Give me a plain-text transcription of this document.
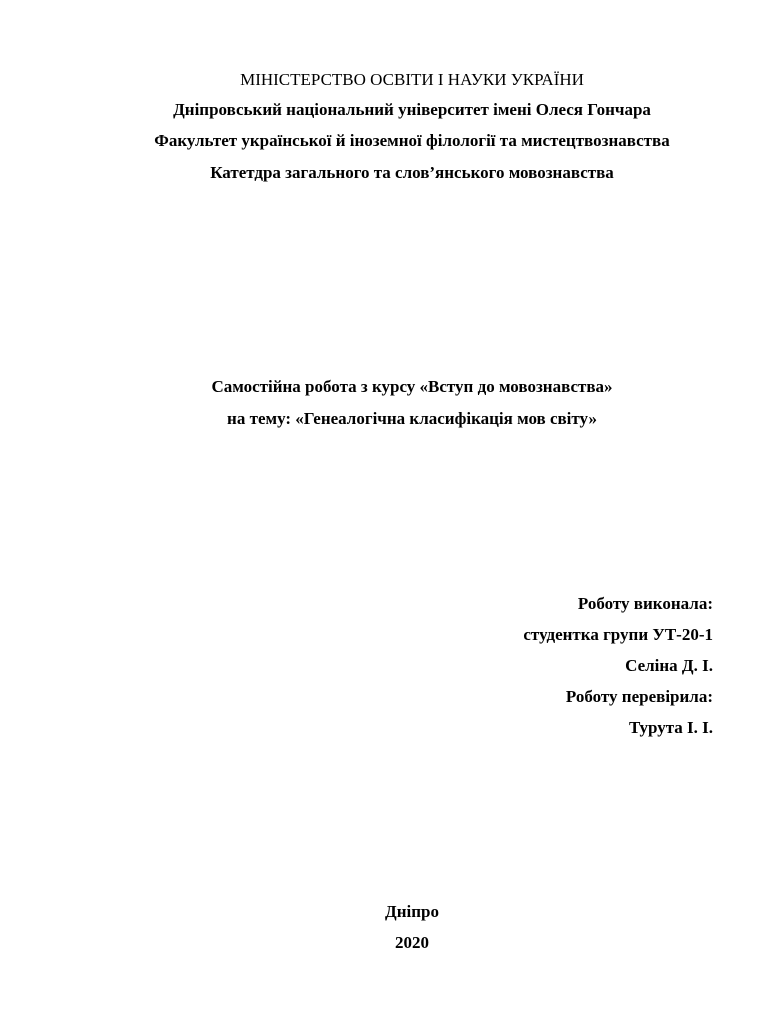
МІНІСТЕРСТВО ОСВІТИ І НАУКИ УКРАЇНИ
Дніпровський національний університет імені Олеся Гончара
Факультет української й іноземної філології та мистецтвознавства
Катетдра загального та слов’янського мовознавства
Самостійна робота з курсу «Вступ до мовознавства»
на тему: «Генеалогічна класифікація мов світу»
Роботу виконала:
студентка групи УТ-20-1
Селіна Д. І.
Роботу перевірила:
Турута І. І.
Дніпро
2020
